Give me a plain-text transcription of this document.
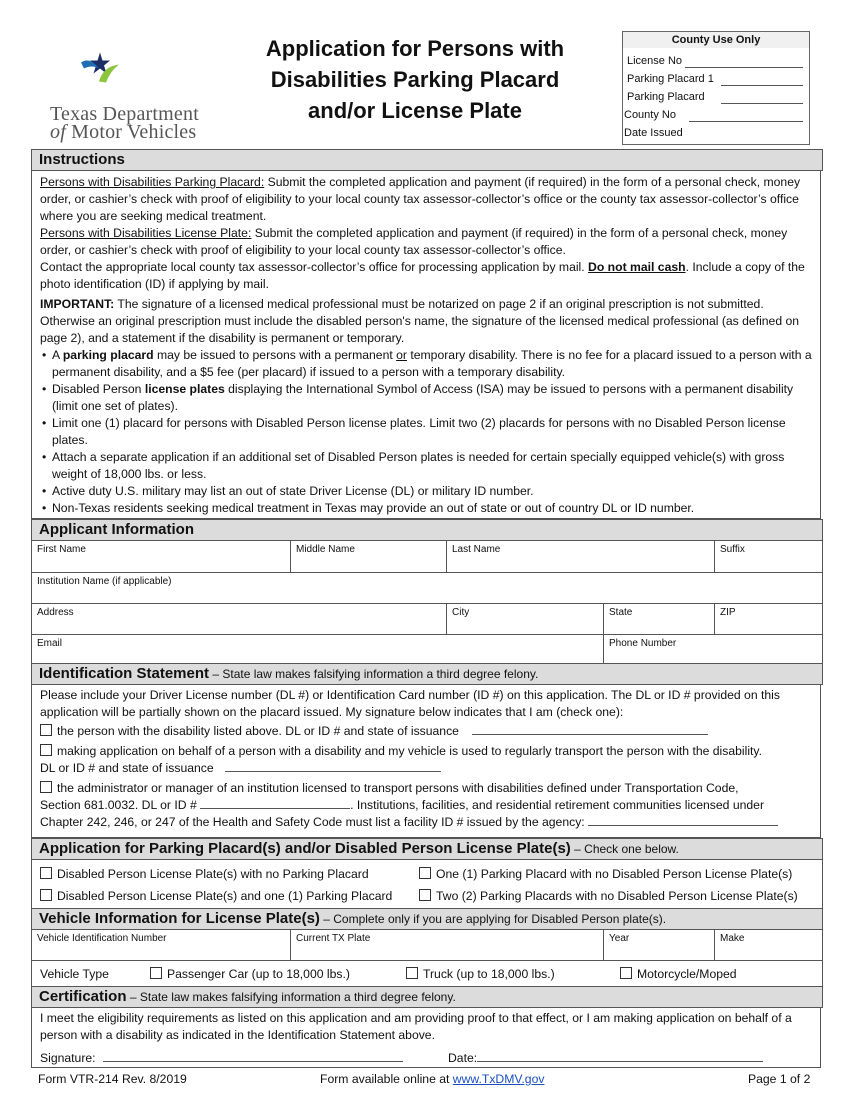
Texas Department
of Motor Vehicles
Application for Persons with
Disabilities Parking Placard
and/or License Plate
County Use Only
License No
Parking Placard 1
Parking Placard
County No
Date Issued
Instructions
Persons with Disabilities Parking Placard: Submit the completed application and payment (if required) in the form of a personal check, money order, or cashier’s check with proof of eligibility to your local county tax assessor-collector’s office or the county tax assessor-collector’s office where you are seeking medical treatment.
Persons with Disabilities License Plate: Submit the completed application and payment (if required) in the form of a personal check, money order, or cashier’s check with proof of eligibility to your local county tax assessor-collector’s office.
Contact the appropriate local county tax assessor-collector’s office for processing application by mail. Do not mail cash. Include a copy of the photo identification (ID) if applying by mail.
IMPORTANT: The signature of a licensed medical professional must be notarized on page 2 if an original prescription is not submitted. Otherwise an original prescription must include the disabled person's name, the signature of the licensed medical professional (as defined on page 2), and a statement if the disability is permanent or temporary.
• A parking placard may be issued to persons with a permanent or temporary disability. There is no fee for a placard issued to a person with a permanent disability, and a $5 fee (per placard) if issued to a person with a temporary disability.
• Disabled Person license plates displaying the International Symbol of Access (ISA) may be issued to persons with a permanent disability (limit one set of plates).
• Limit one (1) placard for persons with Disabled Person license plates. Limit two (2) placards for persons with no Disabled Person license plates.
• Attach a separate application if an additional set of Disabled Person plates is needed for certain specially equipped vehicle(s) with gross weight of 18,000 lbs. or less.
• Active duty U.S. military may list an out of state Driver License (DL) or military ID number.
• Non-Texas residents seeking medical treatment in Texas may provide an out of state or out of country DL or ID number.
Applicant Information
First Name	Middle Name	Last Name	Suffix
Institution Name (if applicable)
Address	City	State	ZIP
Email	Phone Number
Identification Statement – State law makes falsifying information a third degree felony.
Please include your Driver License number (DL #) or Identification Card number (ID #) on this application. The DL or ID # provided on this application will be partially shown on the placard issued. My signature below indicates that I am (check one):
the person with the disability listed above. DL or ID # and state of issuance
making application on behalf of a person with a disability and my vehicle is used to regularly transport the person with the disability.
DL or ID # and state of issuance
the administrator or manager of an institution licensed to transport persons with disabilities defined under Transportation Code,
Section 681.0032. DL or ID #	. Institutions, facilities, and residential retirement communities licensed under
Chapter 242, 246, or 247 of the Health and Safety Code must list a facility ID # issued by the agency:
Application for Parking Placard(s) and/or Disabled Person License Plate(s) – Check one below.
Disabled Person License Plate(s) with no Parking Placard	One (1) Parking Placard with no Disabled Person License Plate(s)
Disabled Person License Plate(s) and one (1) Parking Placard	Two (2) Parking Placards with no Disabled Person License Plate(s)
Vehicle Information for License Plate(s) – Complete only if you are applying for Disabled Person plate(s).
Vehicle Identification Number	Current TX Plate	Year	Make
Vehicle Type	Passenger Car (up to 18,000 lbs.)	Truck (up to 18,000 lbs.)	Motorcycle/Moped
Certification – State law makes falsifying information a third degree felony.
I meet the eligibility requirements as listed on this application and am providing proof to that effect, or I am making application on behalf of a person with a disability as indicated in the Identification Statement above.
Signature:	Date:
Form VTR-214 Rev. 8/2019	Form available online at www.TxDMV.gov	Page 1 of 2
